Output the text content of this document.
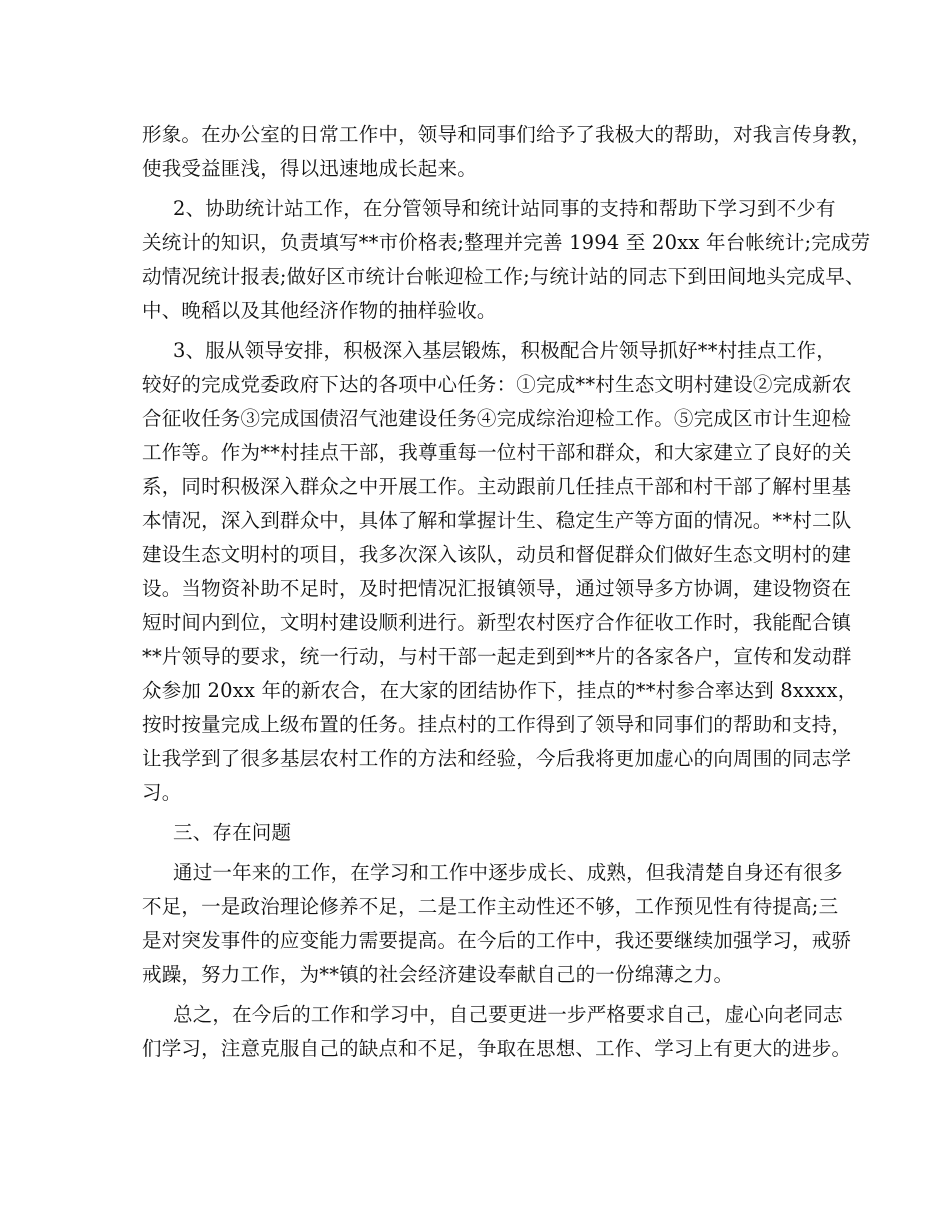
形象。在办公室的日常工作中，领导和同事们给予了我极大的帮助，对我言传身教，
使我受益匪浅，得以迅速地成长起来。
2、协助统计站工作，在分管领导和统计站同事的支持和帮助下学习到不少有
关统计的知识，负责填写**市价格表;整理并完善 1994 至 20xx 年台帐统计;完成劳
动情况统计报表;做好区市统计台帐迎检工作;与统计站的同志下到田间地头完成早、
中、晚稻以及其他经济作物的抽样验收。
3、服从领导安排，积极深入基层锻炼，积极配合片领导抓好**村挂点工作，
较好的完成党委政府下达的各项中心任务：①完成**村生态文明村建设②完成新农
合征收任务③完成国债沼气池建设任务④完成综治迎检工作。⑤完成区市计生迎检
工作等。作为**村挂点干部，我尊重每一位村干部和群众，和大家建立了良好的关
系，同时积极深入群众之中开展工作。主动跟前几任挂点干部和村干部了解村里基
本情况，深入到群众中，具体了解和掌握计生、稳定生产等方面的情况。**村二队
建设生态文明村的项目，我多次深入该队，动员和督促群众们做好生态文明村的建
设。当物资补助不足时，及时把情况汇报镇领导，通过领导多方协调，建设物资在
短时间内到位，文明村建设顺利进行。新型农村医疗合作征收工作时，我能配合镇
**片领导的要求，统一行动，与村干部一起走到到**片的各家各户，宣传和发动群
众参加 20xx 年的新农合，在大家的团结协作下，挂点的**村参合率达到 8xxxx，
按时按量完成上级布置的任务。挂点村的工作得到了领导和同事们的帮助和支持，
让我学到了很多基层农村工作的方法和经验，今后我将更加虚心的向周围的同志学
习。
三、存在问题
通过一年来的工作，在学习和工作中逐步成长、成熟，但我清楚自身还有很多
不足，一是政治理论修养不足，二是工作主动性还不够，工作预见性有待提高;三
是对突发事件的应变能力需要提高。在今后的工作中，我还要继续加强学习，戒骄
戒躁，努力工作，为**镇的社会经济建设奉献自己的一份绵薄之力。
总之，在今后的工作和学习中，自己要更进一步严格要求自己，虚心向老同志
们学习，注意克服自己的缺点和不足，争取在思想、工作、学习上有更大的进步。
